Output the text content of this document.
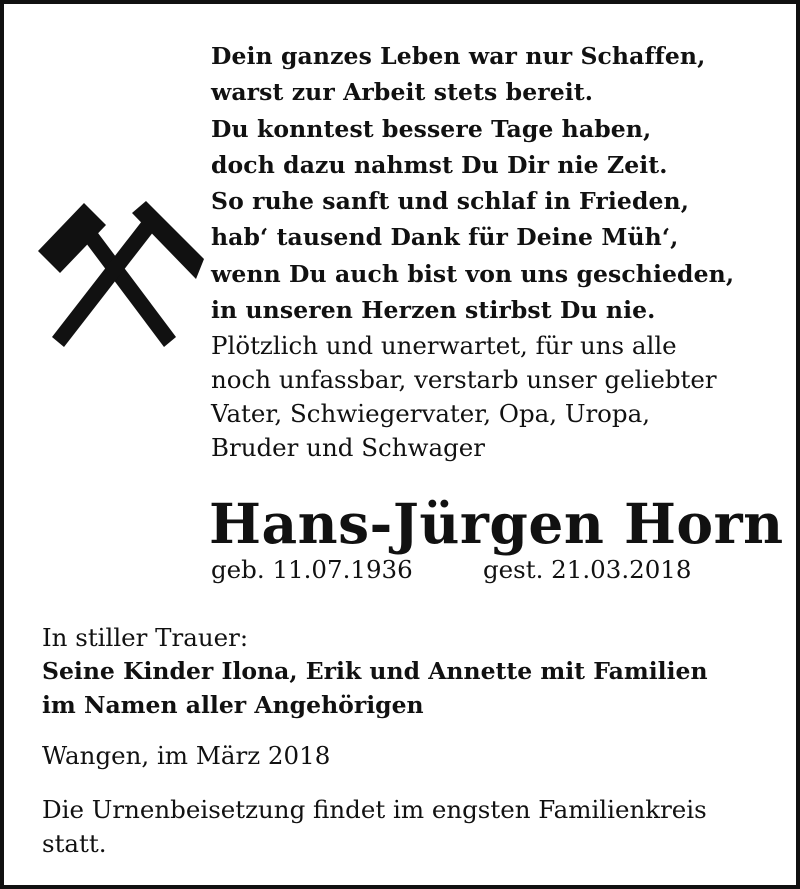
Dein ganzes Leben war nur Schaffen,
warst zur Arbeit stets bereit.
Du konntest bessere Tage haben,
doch dazu nahmst Du Dir nie Zeit.
So ruhe sanft und schlaf in Frieden,
hab‘ tausend Dank für Deine Müh‘,
wenn Du auch bist von uns geschieden,
in unseren Herzen stirbst Du nie.
Plötzlich und unerwartet, für uns alle
noch unfassbar, verstarb unser geliebter
Vater, Schwiegervater, Opa, Uropa,
Bruder und Schwager
Hans-Jürgen Horn
geb. 11.07.1936	gest. 21.03.2018
In stiller Trauer:
Seine Kinder Ilona, Erik und Annette mit Familien
im Namen aller Angehörigen
Wangen, im März 2018
Die Urnenbeisetzung findet im engsten Familienkreis
statt.
